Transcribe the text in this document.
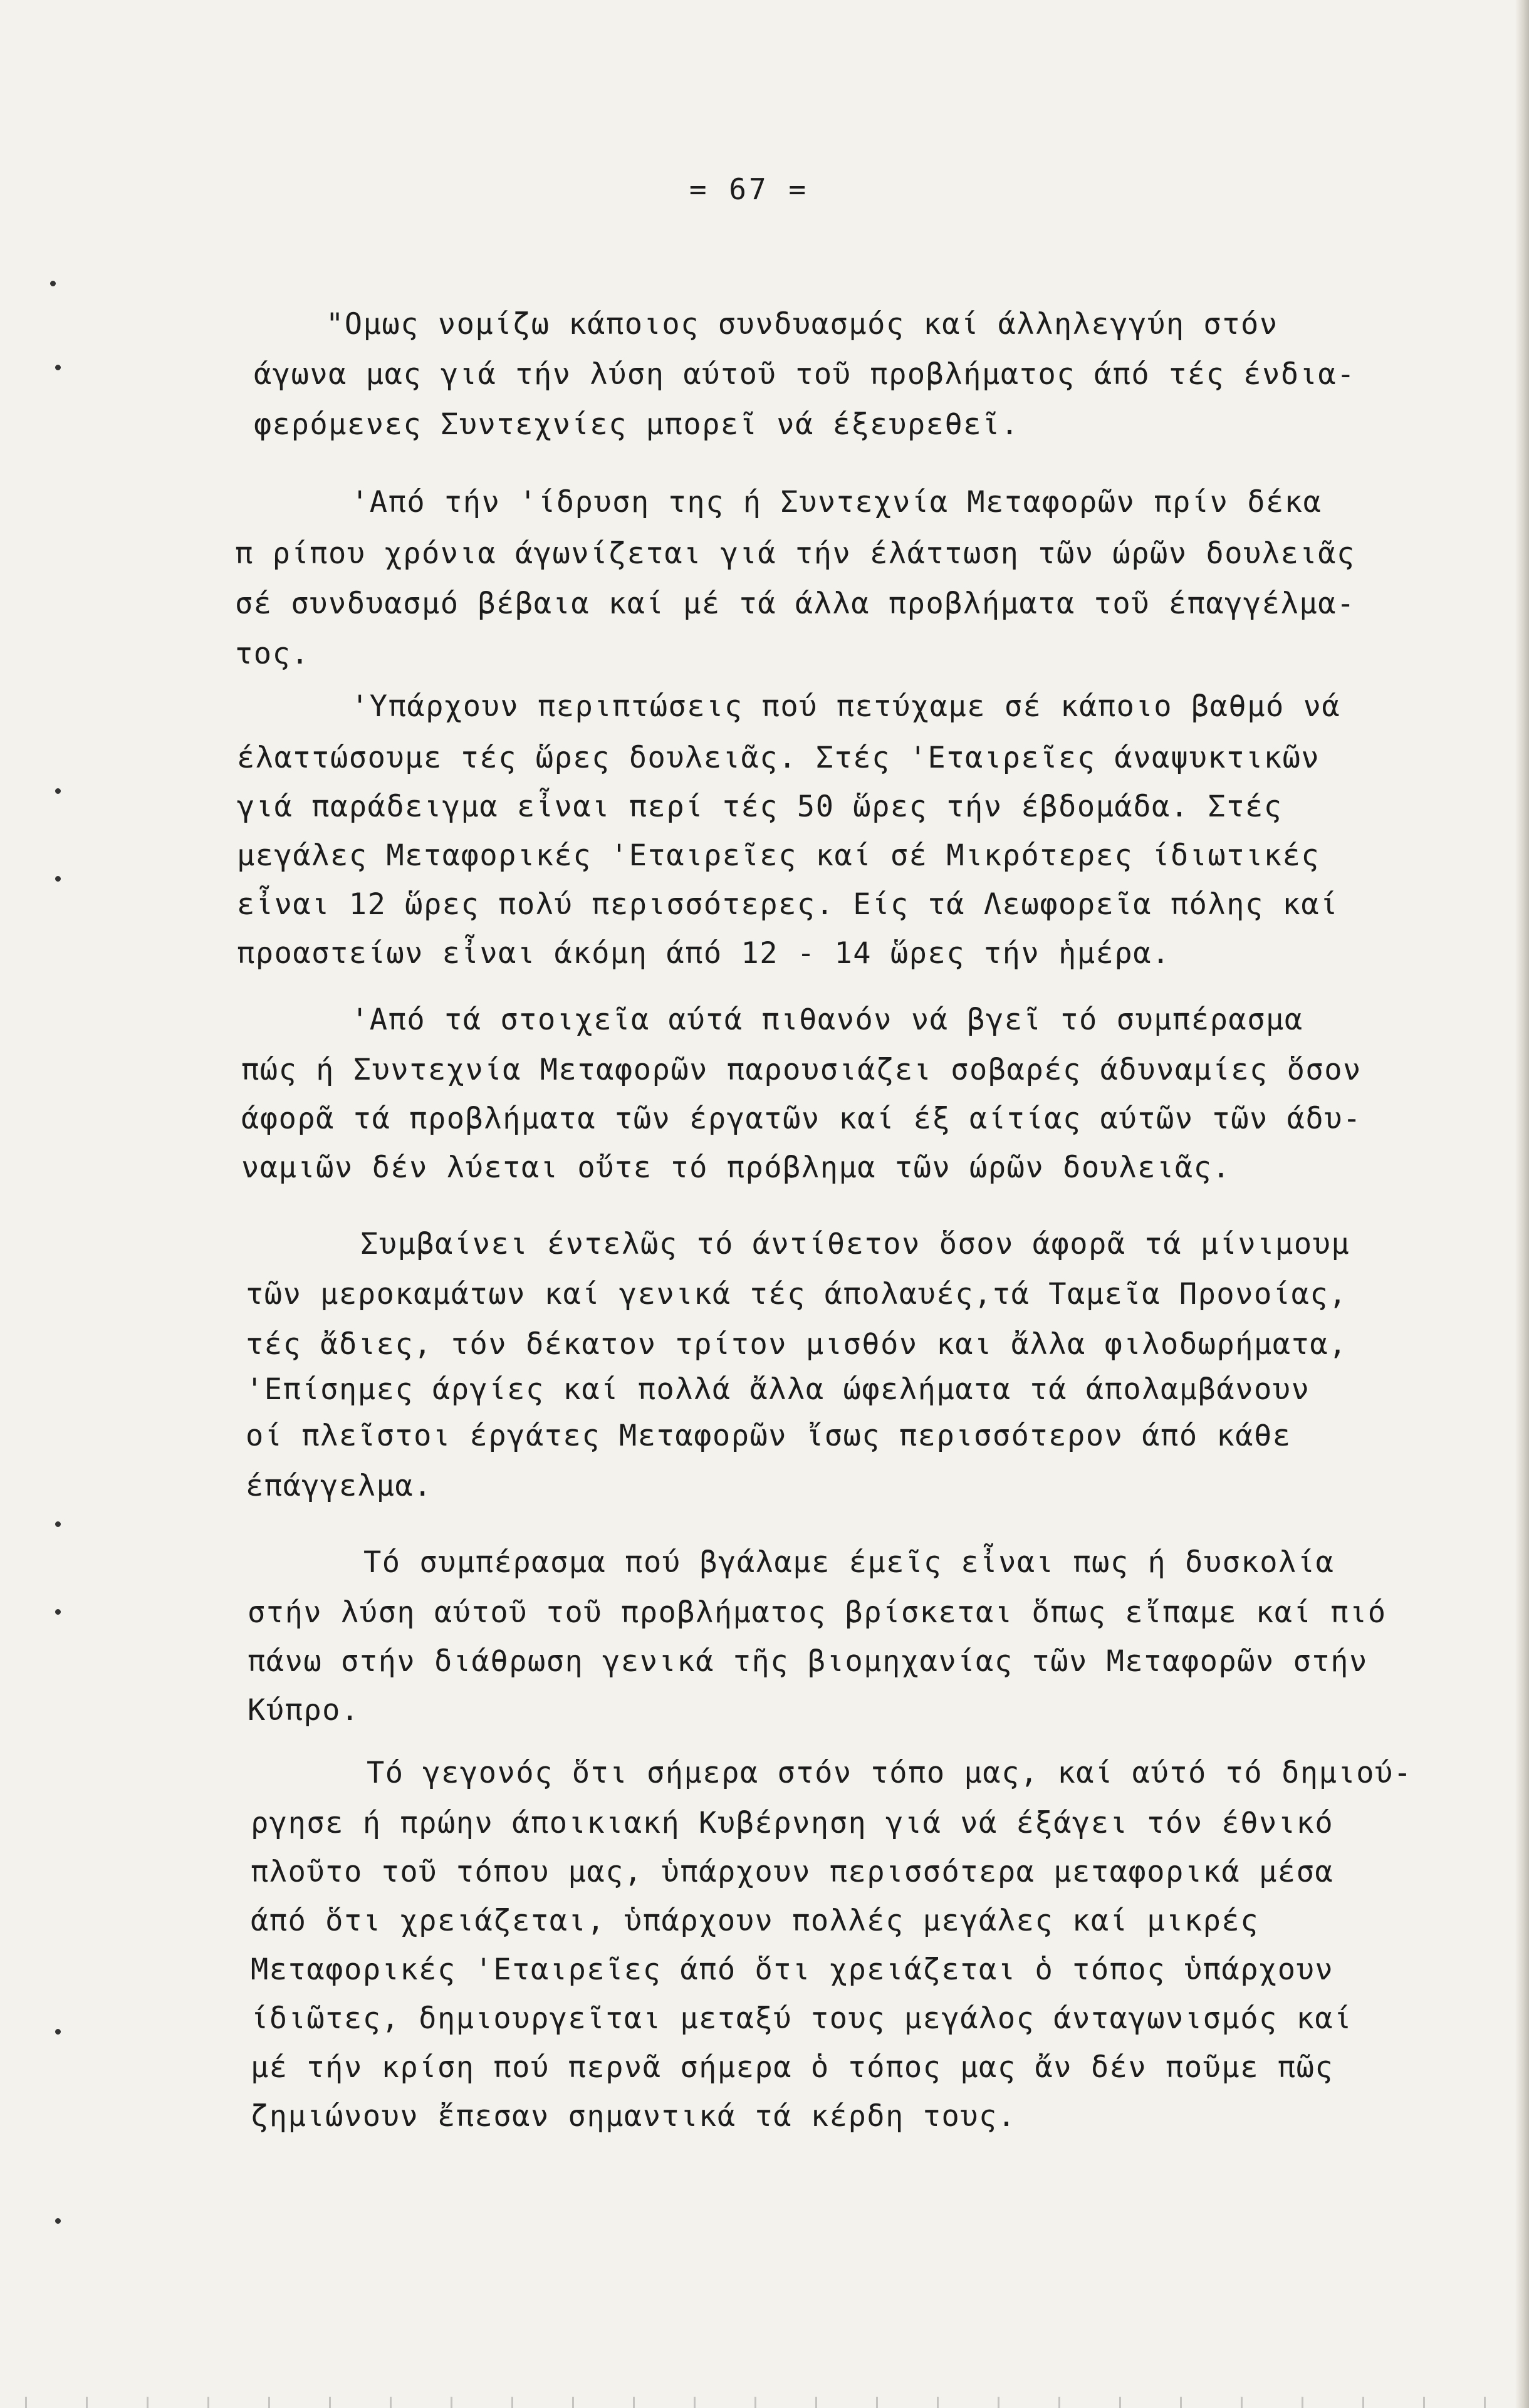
= 67 =
"Ομως νομίζω κάποιος συνδυασμός καί άλληλεγγύη στόν
άγωνα μας γιά τήν λύση αύτοῦ τοῦ προβλήματος άπό τές ένδια-
φερόμενες Συντεχνίες μπορεῖ νά έξευρεθεῖ.
'Από τήν 'ίδρυση της ή Συντεχνία Μεταφορῶν πρίν δέκα
π ρίπου χρόνια άγωνίζεται γιά τήν έλάττωση τῶν ώρῶν δουλειᾶς
σέ συνδυασμό βέβαια καί μέ τά άλλα προβλήματα τοῦ έπαγγέλμα-
τος.
'Υπάρχουν περιπτώσεις πού πετύχαμε σέ κάποιο βαθμό νά
έλαττώσουμε τές ὥρες δουλειᾶς. Στές 'Εταιρεῖες άναψυκτικῶν
γιά παράδειγμα εἶναι περί τές 50 ὥρες τήν έβδομάδα. Στές
μεγάλες Μεταφορικές 'Εταιρεῖες καί σέ Μικρότερες ίδιωτικές
εἶναι 12 ὥρες πολύ περισσότερες. Είς τά Λεωφορεῖα πόλης καί
προαστείων εἶναι άκόμη άπό 12 - 14 ὥρες τήν ἡμέρα.
'Από τά στοιχεῖα αύτά πιθανόν νά βγεῖ τό συμπέρασμα
πώς ή Συντεχνία Μεταφορῶν παρουσιάζει σοβαρές άδυναμίες ὅσον
άφορᾶ τά προβλήματα τῶν έργατῶν καί έξ αίτίας αύτῶν τῶν άδυ-
ναμιῶν δέν λύεται οὔτε τό πρόβλημα τῶν ώρῶν δουλειᾶς.
Συμβαίνει έντελῶς τό άντίθετον ὅσον άφορᾶ τά μίνιμουμ
τῶν μεροκαμάτων καί γενικά τές άπολαυές,τά Ταμεῖα Προνοίας,
τές ἄδιες, τόν δέκατον τρίτον μισθόν και ἄλλα φιλοδωρήματα,
'Επίσημες άργίες καί πολλά ἄλλα ώφελήματα τά άπολαμβάνουν
οί πλεῖστοι έργάτες Μεταφορῶν ἴσως περισσότερον άπό κάθε
έπάγγελμα.
Τό συμπέρασμα πού βγάλαμε έμεῖς εἶναι πως ή δυσκολία
στήν λύση αύτοῦ τοῦ προβλήματος βρίσκεται ὅπως εἴπαμε καί πιό
πάνω στήν διάθρωση γενικά τῆς βιομηχανίας τῶν Μεταφορῶν στήν
Κύπρο.
Τό γεγονός ὅτι σήμερα στόν τόπο μας, καί αύτό τό δημιού-
ργησε ή πρώην άποικιακή Κυβέρνηση γιά νά έξάγει τόν έθνικό
πλοῦτο τοῦ τόπου μας, ὑπάρχουν περισσότερα μεταφορικά μέσα
άπό ὅτι χρειάζεται, ὑπάρχουν πολλές μεγάλες καί μικρές
Μεταφορικές 'Εταιρεῖες άπό ὅτι χρειάζεται ὁ τόπος ὑπάρχουν
ίδιῶτες, δημιουργεῖται μεταξύ τους μεγάλος άνταγωνισμός καί
μέ τήν κρίση πού περνᾶ σήμερα ὁ τόπος μας ἄν δέν ποῦμε πῶς
ζημιώνουν ἔπεσαν σημαντικά τά κέρδη τους.
